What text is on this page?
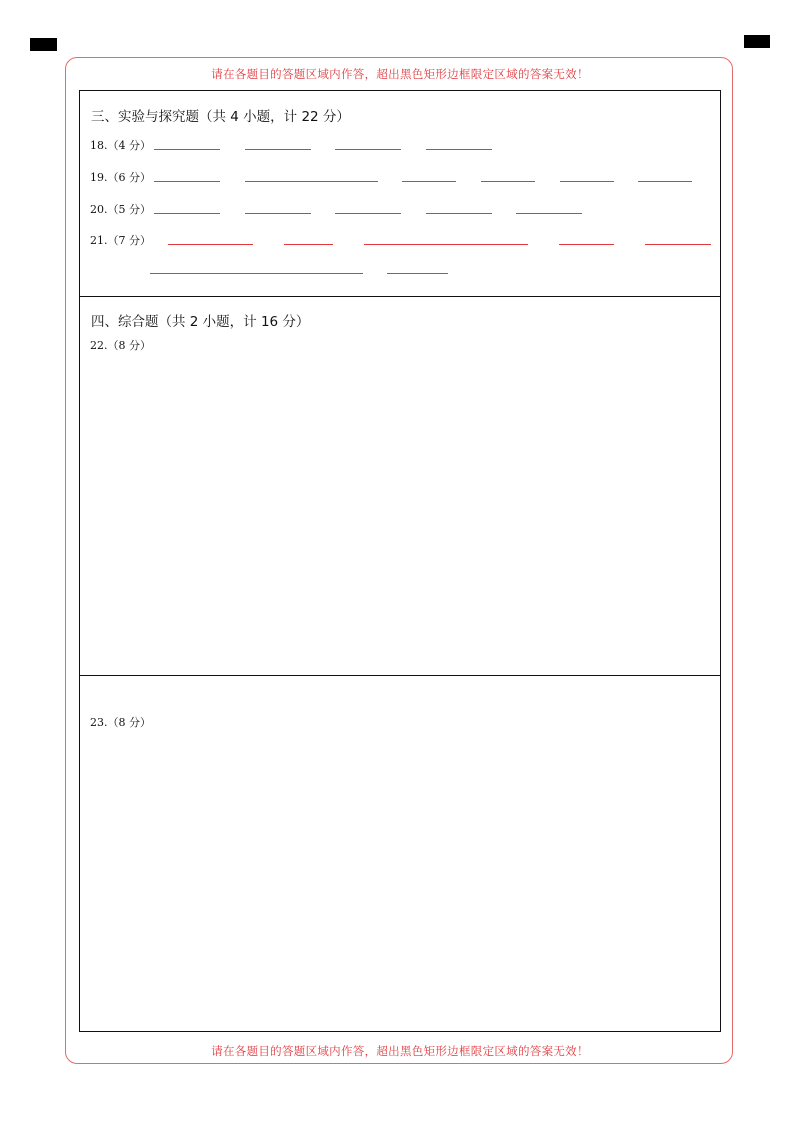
请在各题目的答题区域内作答，超出黑色矩形边框限定区域的答案无效！
三、实验与探究题（共 4 小题，计 22 分）
18.（4 分）
19.（6 分）
20.（5 分）
21.（7 分）
四、综合题（共 2 小题，计 16 分）
22.（8 分）
23.（8 分）
请在各题目的答题区域内作答，超出黑色矩形边框限定区域的答案无效！
